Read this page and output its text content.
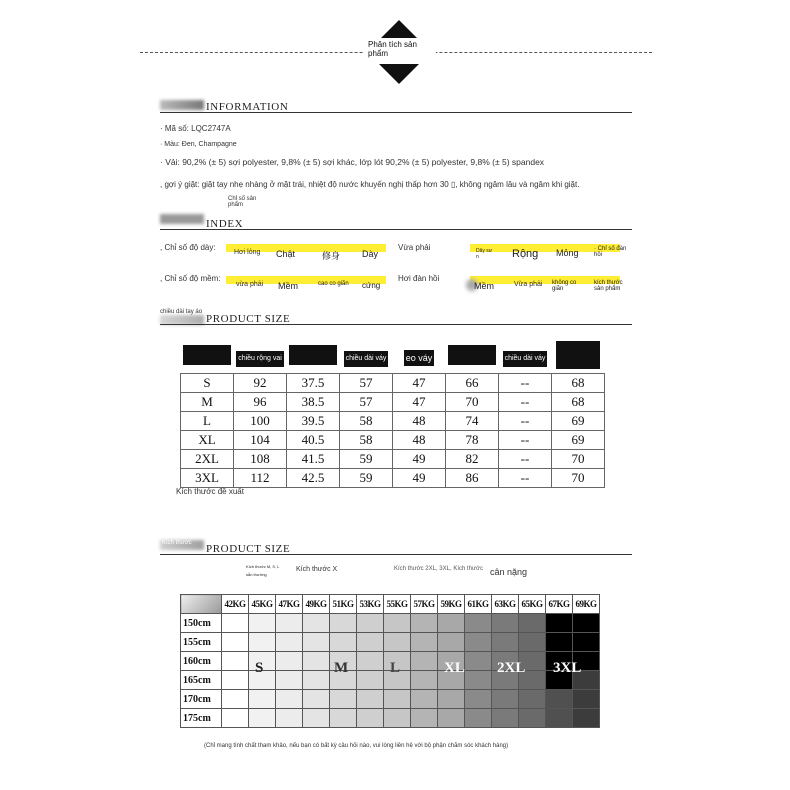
Phân tích sản phẩm
EXPLAIN
INFORMATION
· Mã số: LQC2747A
· Màu: Đen, Champagne
· Vải: 90,2% (± 5) sợi polyester, 9,8% (± 5) sợi khác, lớp lót 90,2% (± 5) polyester, 9,8% (± 5) spandex
, gợi ý giặt: giặt tay nhẹ nhàng ở mặt trái, nhiệt độ nước khuyến nghị thấp hơn 30 ▯, không ngâm lâu và ngâm khi giặt.
Chỉ số sản phẩm
INDEX
, Chỉ số độ dày:
Hơi lỏng Chật	修身 Dày
Vừa phải	Dây sư n	Rộng Mỏng	· Chỉ số đàn hồi
, Chỉ số độ mềm:
vừa phải Mềm	cao co giãn cứng
Hơi đàn hồi
Mềm	Vừa phải không co giãn
kích thước sản phẩm
chiều dài tay áo
PRODUCT SIZE
	chiều rộng vai		chiều dài váy	eo váy		chiều dài váy	
S	92	37.5	57	47	66	--	68
M	96	38.5	57	47	70	--	68
L	100	39.5	58	48	74	--	69
XL	104	40.5	58	48	78	--	69
2XL	108	41.5	59	49	82	--	70
3XL	112	42.5	59	49	86	--	70
Kích thước đề xuất
Kích thước PRODUCT SIZE
Kích thước M, S, L
sẵn thường
Kích thước X	Kích thước 2XL, 3XL, Kích thước cân nặng
	42KG	45KG	47KG	49KG	51KG	53KG	55KG	57KG	59KG	61KG	63KG	65KG	67KG	69KG
150cm														
155cm														
160cm														
165cm														
170cm														
175cm														
S	M	L	XL 2XL 3XL
(Chỉ mang tính chất tham khảo, nếu bạn có bất kỳ câu hỏi nào, vui lòng liên hệ với bộ phận chăm sóc khách hàng)
